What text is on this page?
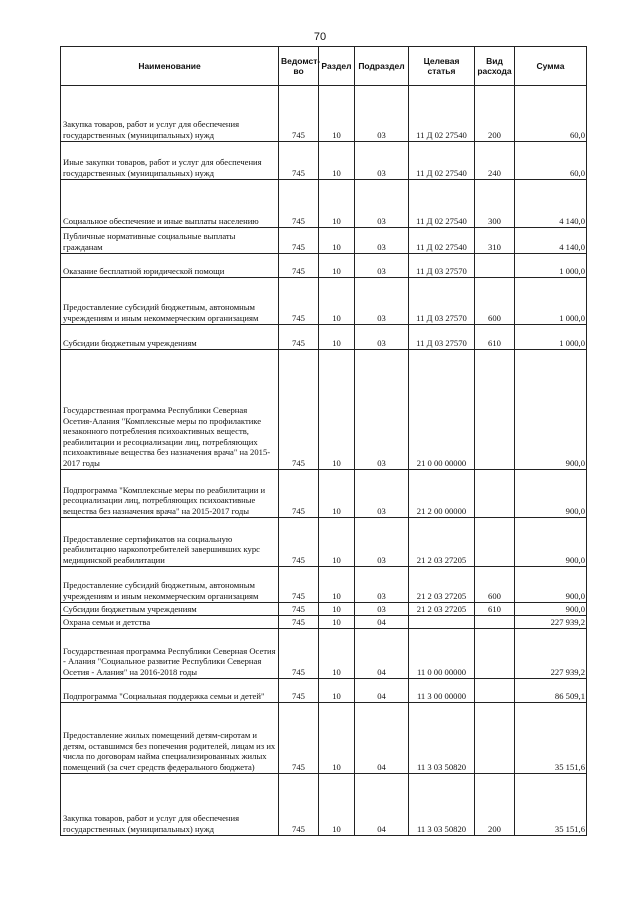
70
Наименование	Ведомст-во	Раздел	Подраздел	Целевая статья	Вид расхода	Сумма
Закупка товаров, работ и услуг для обеспечения государственных (муниципальных) нужд	745	10	03	11 Д 02 27540	200	60,0
Иные закупки товаров, работ и услуг для обеспечения государственных (муниципальных) нужд	745	10	03	11 Д 02 27540	240	60,0
Социальное обеспечение и иные выплаты населению	745	10	03	11 Д 02 27540	300	4 140,0
Публичные нормативные социальные выплаты гражданам	745	10	03	11 Д 02 27540	310	4 140,0
Оказание бесплатной юридической помощи	745	10	03	11 Д 03 27570		1 000,0
Предоставление субсидий бюджетным, автономным учреждениям и иным некоммерческим организациям	745	10	03	11 Д 03 27570	600	1 000,0
Субсидии бюджетным учреждениям	745	10	03	11 Д 03 27570	610	1 000,0
Государственная программа Республики Северная Осетия-Алания "Комплексные меры по профилактике незаконного потребления психоактивных веществ, реабилитации и ресоциализации лиц, потребляющих психоактивные вещества без назначения врача" на 2015-2017 годы	745	10	03	21 0 00 00000		900,0
Подпрограмма "Комплексные меры по реабилитации и ресоциализации лиц, потребляющих психоактивные вещества без назначения врача" на 2015-2017 годы	745	10	03	21 2 00 00000		900,0
Предоставление сертификатов на социальную реабилитацию наркопотребителей завершивших курс медицинской реабилитации	745	10	03	21 2 03 27205		900,0
Предоставление субсидий бюджетным, автономным учреждениям и иным некоммерческим организациям	745	10	03	21 2 03 27205	600	900,0
Субсидии бюджетным учреждениям	745	10	03	21 2 03 27205	610	900,0
Охрана семьи и детства	745	10	04			227 939,2
Государственная программа Республики Северная Осетия - Алания "Социальное развитие Республики Северная Осетия - Алания" на 2016-2018 годы	745	10	04	11 0 00 00000		227 939,2
Подпрограмма "Социальная поддержка семьи и детей"	745	10	04	11 3 00 00000		86 509,1
Предоставление жилых помещений детям-сиротам и детям, оставшимся без попечения родителей, лицам из их числа по договорам найма специализированных жилых помещений (за счет средств федерального бюджета)	745	10	04	11 3 03 50820		35 151,6
Закупка товаров, работ и услуг для обеспечения государственных (муниципальных) нужд	745	10	04	11 3 03 50820	200	35 151,6
